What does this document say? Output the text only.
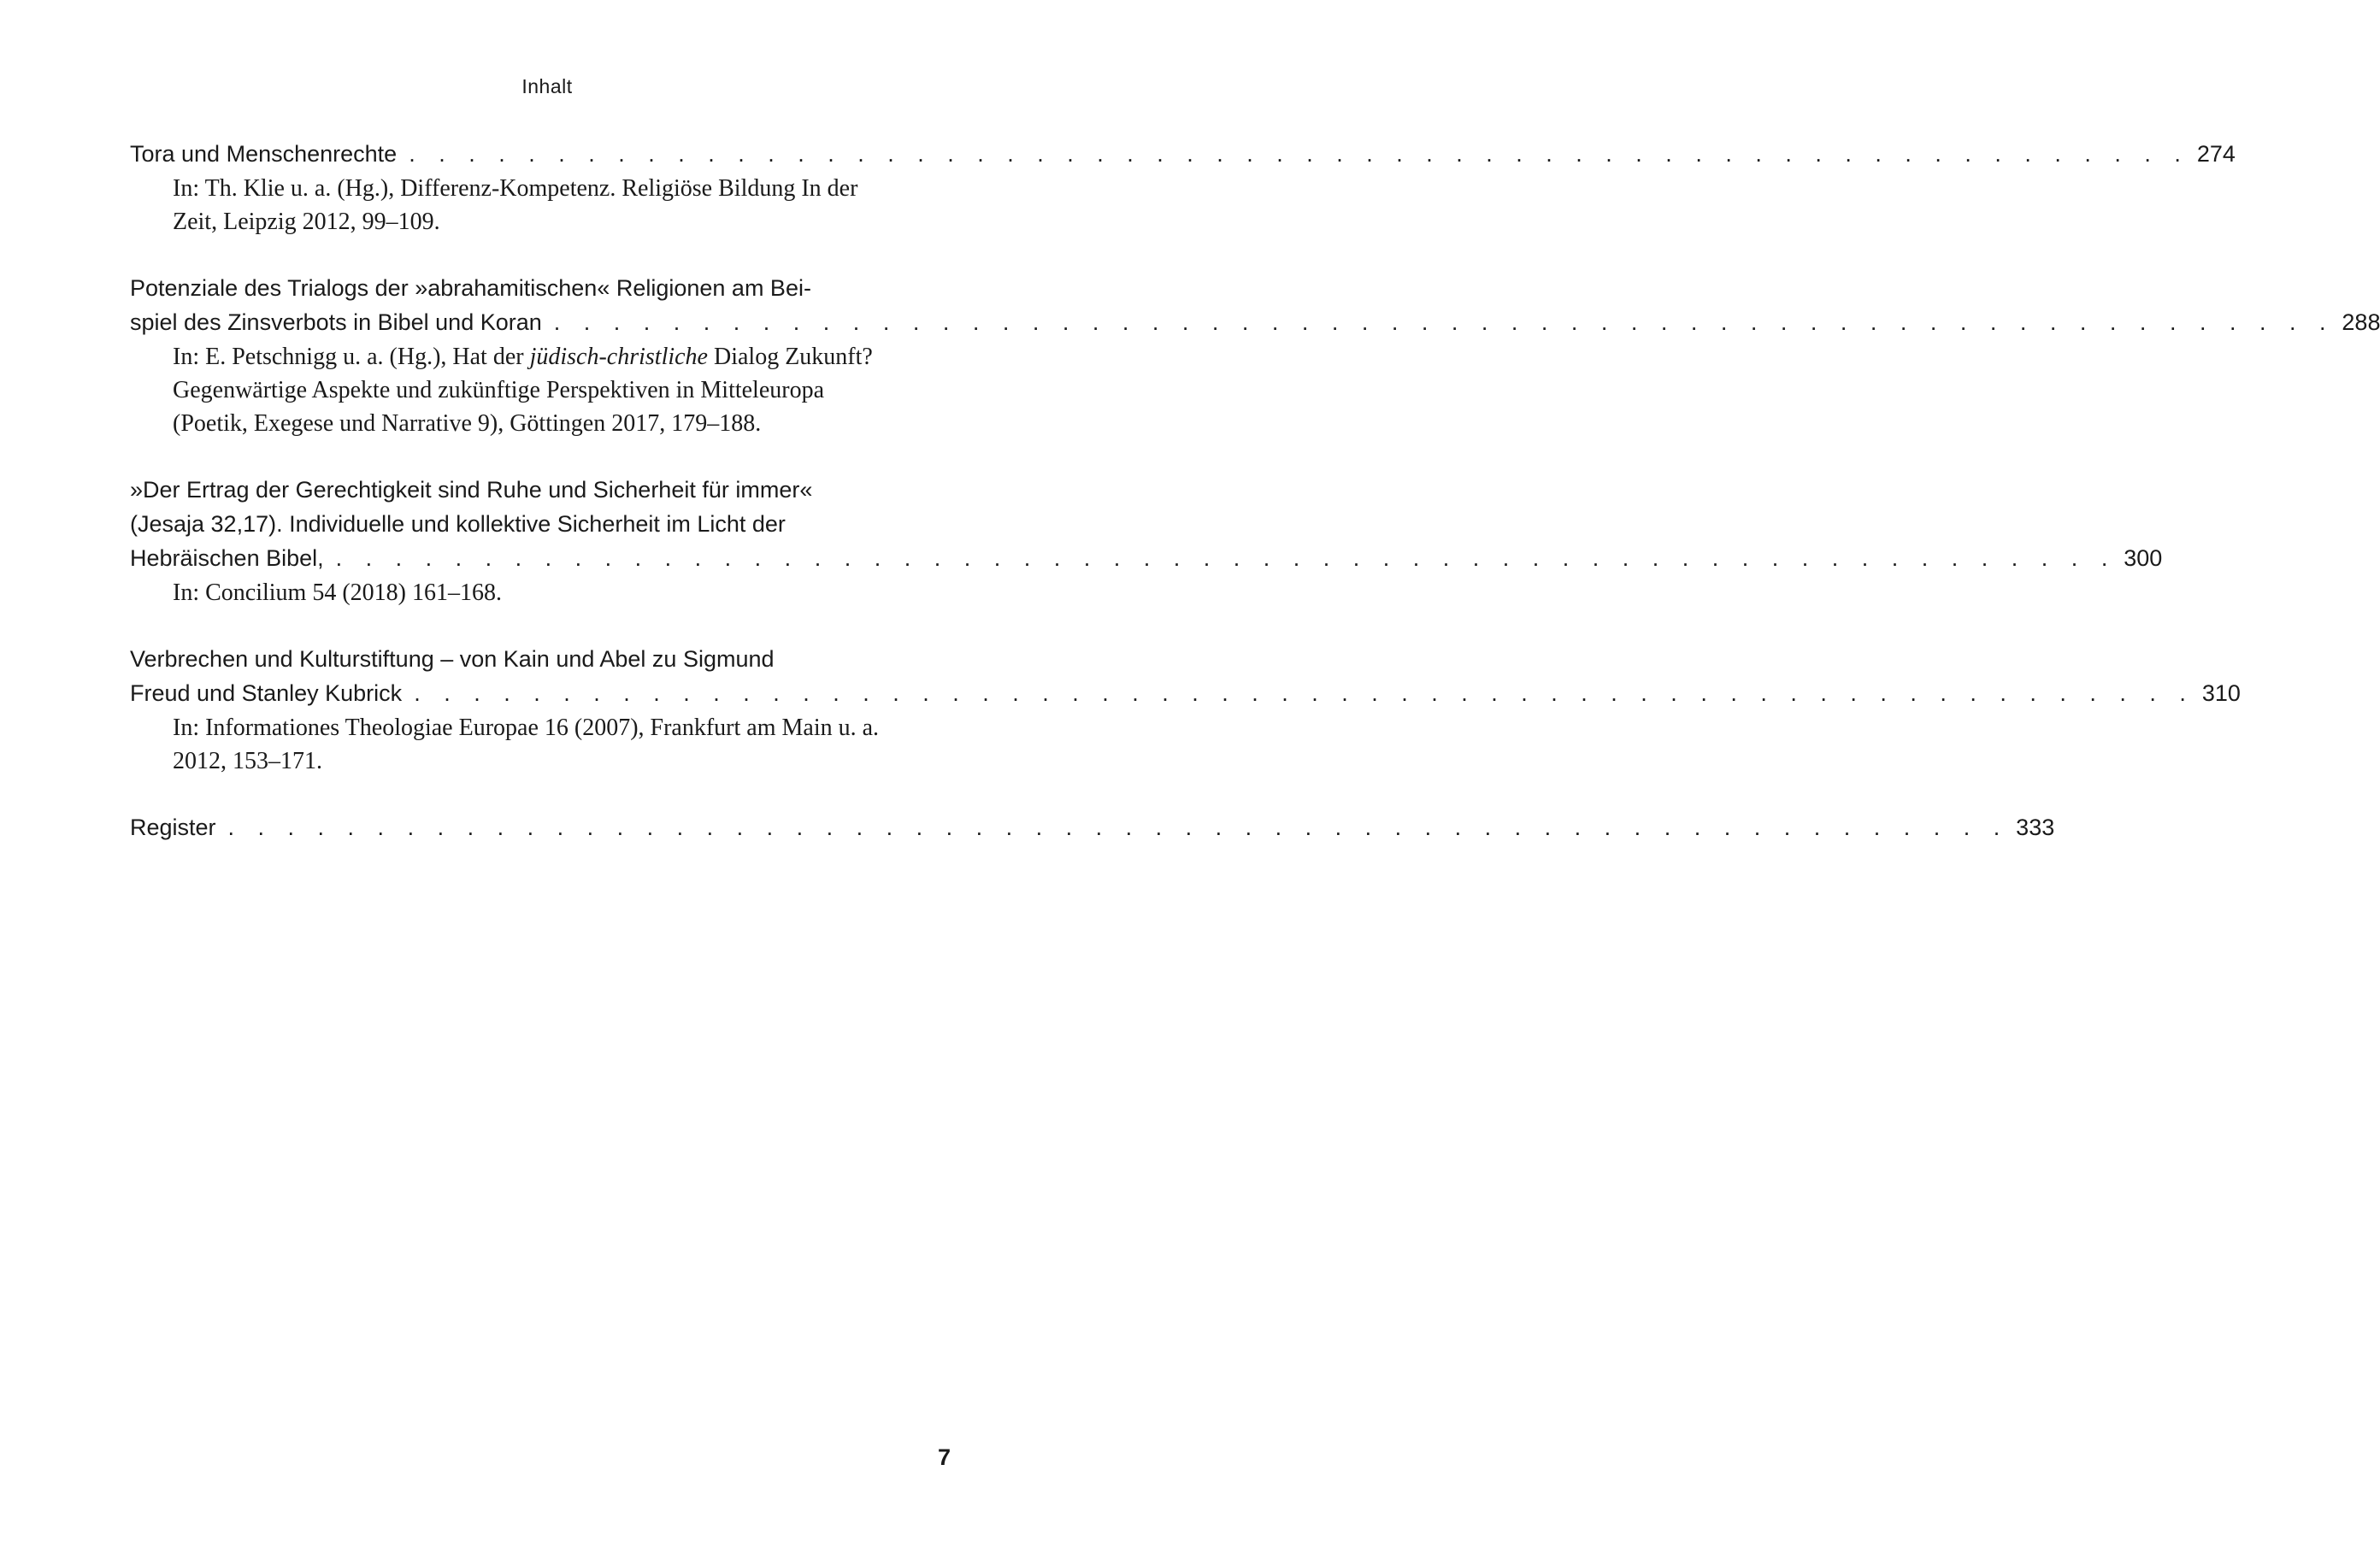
Inhalt
Tora und Menschenrechte . . . . . . . . . . . . . . . . . . . . . . . . . . . . . . . . . . . . . . . . . . . . . . . . . . . . . . . . . . . . 274
In: Th. Klie u. a. (Hg.), Differenz-Kompetenz. Religiöse Bildung In der Zeit, Leipzig 2012, 99–109.
Potenziale des Trialogs der »abrahamitischen« Religionen am Bei-
spiel des Zinsverbots in Bibel und Koran . . . . . . . . . . . . . . . . . . . . . . . . . . . . . . . . . . . . . . . . . . . . . . . . . . . . . . . . . . . . 288
In: E. Petschnigg u. a. (Hg.), Hat der jüdisch-christliche Dialog Zukunft? Gegenwärtige Aspekte und zukünftige Perspektiven in Mitteleuropa (Poetik, Exegese und Narrative 9), Göttingen 2017, 179–188.
»Der Ertrag der Gerechtigkeit sind Ruhe und Sicherheit für immer«
(Jesaja 32,17). Individuelle und kollektive Sicherheit im Licht der
Hebräischen Bibel, . . . . . . . . . . . . . . . . . . . . . . . . . . . . . . . . . . . . . . . . . . . . . . . . . . . . . . . . . . . . 300
In: Concilium 54 (2018) 161–168.
Verbrechen und Kulturstiftung – von Kain und Abel zu Sigmund
Freud und Stanley Kubrick . . . . . . . . . . . . . . . . . . . . . . . . . . . . . . . . . . . . . . . . . . . . . . . . . . . . . . . . . . . . 310
In: Informationes Theologiae Europae 16 (2007), Frankfurt am Main u. a. 2012, 153–171.
Register . . . . . . . . . . . . . . . . . . . . . . . . . . . . . . . . . . . . . . . . . . . . . . . . . . . . . . . . . . . . 333
7
